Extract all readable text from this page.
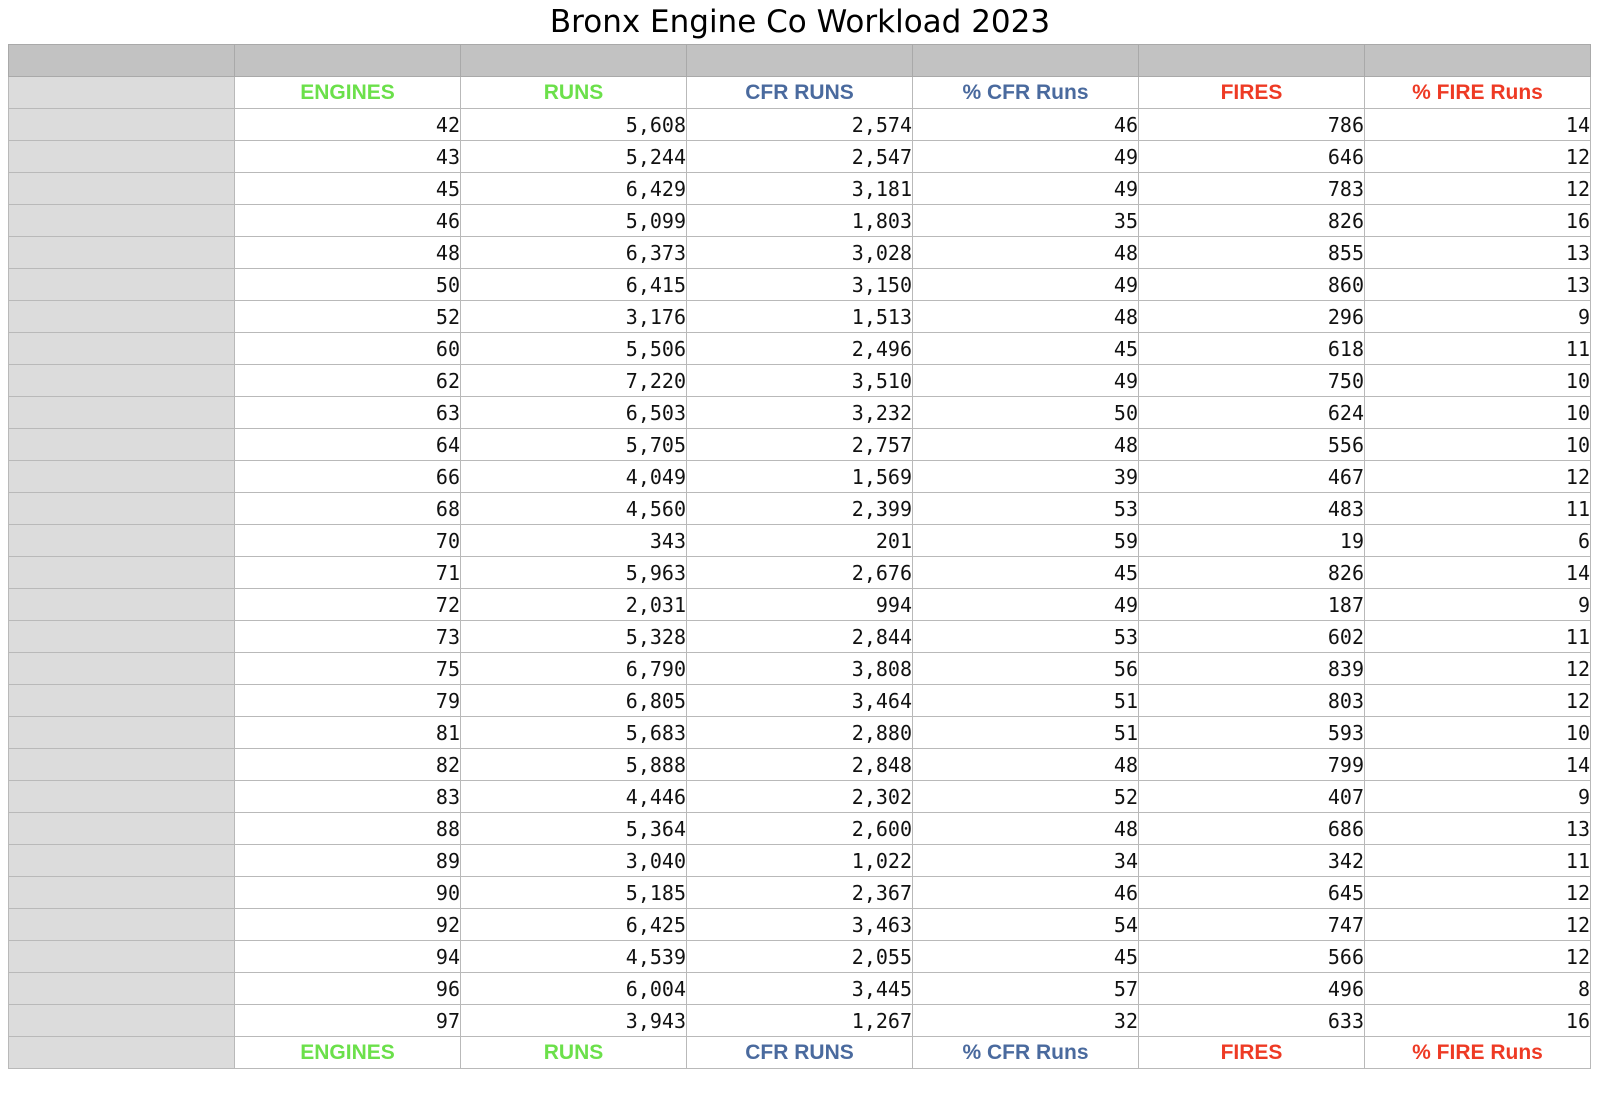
Bronx Engine Co Workload 2023

	ENGINES	RUNS	CFR RUNS	% CFR Runs	FIRES	% FIRE Runs
	42	5,608	2,574	46	786	14
	43	5,244	2,547	49	646	12
	45	6,429	3,181	49	783	12
	46	5,099	1,803	35	826	16
	48	6,373	3,028	48	855	13
	50	6,415	3,150	49	860	13
	52	3,176	1,513	48	296	9
	60	5,506	2,496	45	618	11
	62	7,220	3,510	49	750	10
	63	6,503	3,232	50	624	10
	64	5,705	2,757	48	556	10
	66	4,049	1,569	39	467	12
	68	4,560	2,399	53	483	11
	70	343	201	59	19	6
	71	5,963	2,676	45	826	14
	72	2,031	994	49	187	9
	73	5,328	2,844	53	602	11
	75	6,790	3,808	56	839	12
	79	6,805	3,464	51	803	12
	81	5,683	2,880	51	593	10
	82	5,888	2,848	48	799	14
	83	4,446	2,302	52	407	9
	88	5,364	2,600	48	686	13
	89	3,040	1,022	34	342	11
	90	5,185	2,367	46	645	12
	92	6,425	3,463	54	747	12
	94	4,539	2,055	45	566	12
	96	6,004	3,445	57	496	8
	97	3,943	1,267	32	633	16
	ENGINES	RUNS	CFR RUNS	% CFR Runs	FIRES	% FIRE Runs
